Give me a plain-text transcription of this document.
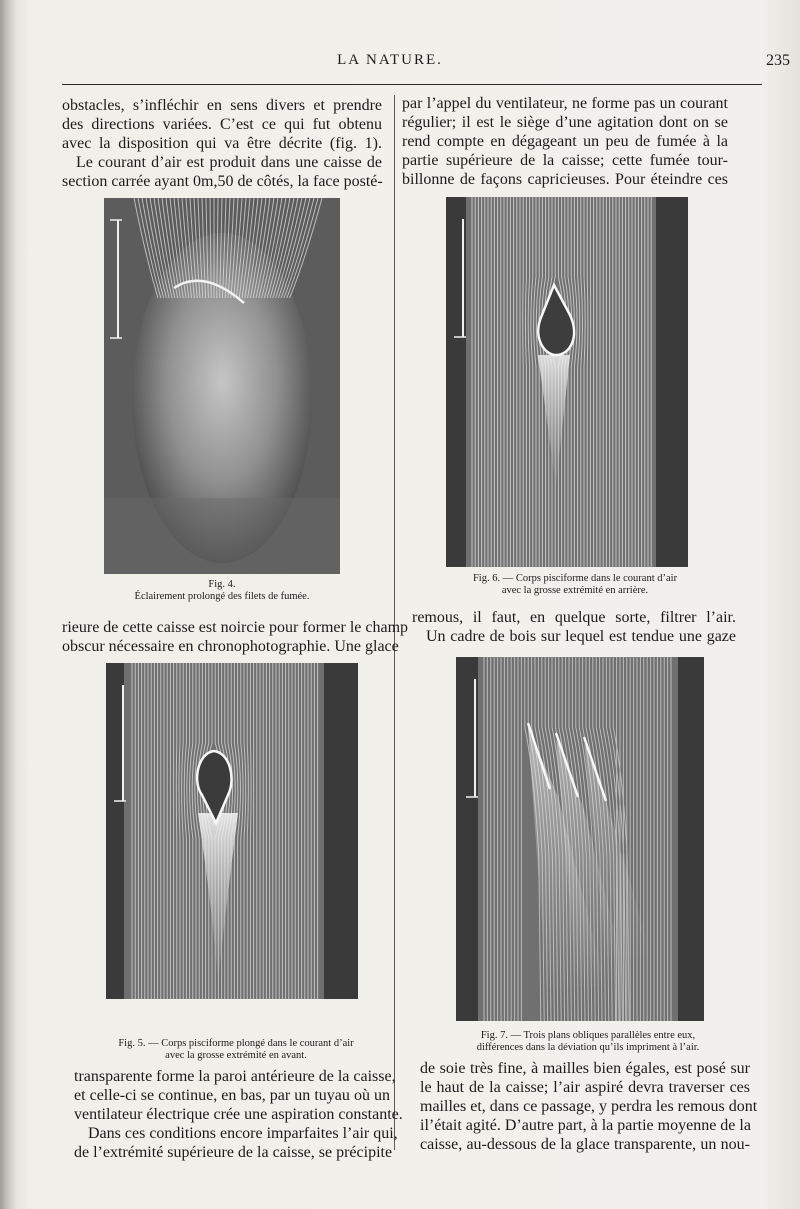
LA NATURE.	235
obstacles, s’infléchir en sens divers et prendre
des directions variées. C’est ce qui fut obtenu
avec la disposition qui va être décrite (fig. 1).
Le courant d’air est produit dans une caisse de
section carrée ayant 0m,50 de côtés, la face posté-
Fig. 4.
Éclairement prolongé des filets de fumée.
rieure de cette caisse est noircie pour former le champ
obscur nécessaire en chronophotographie. Une glace
Fig. 5. — Corps pisciforme plongé dans le courant d’air
avec la grosse extrémité en avant.
transparente forme la paroi antérieure de la caisse,
et celle-ci se continue, en bas, par un tuyau où un
ventilateur électrique crée une aspiration constante.
Dans ces conditions encore imparfaites l’air qui,
de l’extrémité supérieure de la caisse, se précipite
par l’appel du ventilateur, ne forme pas un courant
régulier; il est le siège d’une agitation dont on se
rend compte en dégageant un peu de fumée à la
partie supérieure de la caisse; cette fumée tour-
billonne de façons capricieuses. Pour éteindre ces
Fig. 6. — Corps pisciforme dans le courant d’air
avec la grosse extrémité en arrière.
remous, il faut, en quelque sorte, filtrer l’air.
Un cadre de bois sur lequel est tendue une gaze
Fig. 7. — Trois plans obliques parallèles entre eux,
différences dans la déviation qu’ils impriment à l’air.
de soie très fine, à mailles bien égales, est posé sur
le haut de la caisse; l’air aspiré devra traverser ces
mailles et, dans ce passage, y perdra les remous dont
il’était agité. D’autre part, à la partie moyenne de la
caisse, au-dessous de la glace transparente, un nou-
